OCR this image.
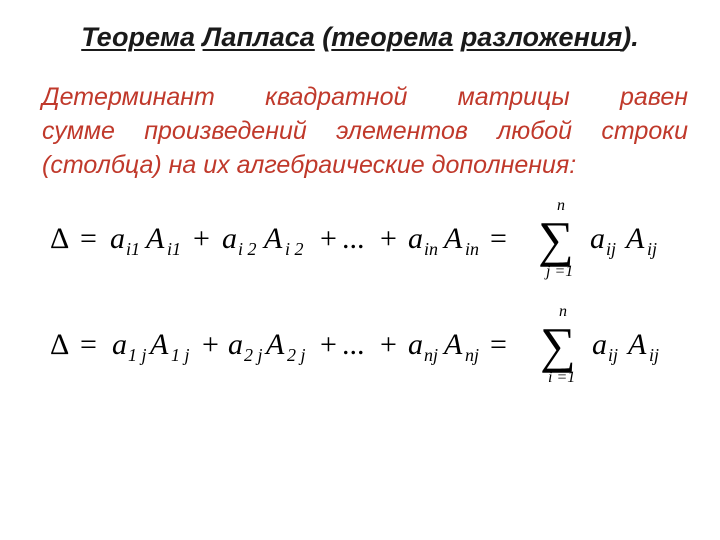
Теорема Лапласа (теорема разложения).
Детерминант квадратной матрицы равен
сумме произведений элементов любой строки
(столбца) на их алгебраические дополнения:
Δ = a i1 A i1 + a i 2 A i 2 + ... + a in A in =
n
∑
j =1
a ij A ij
Δ = a 1 j A 1 j + a 2 j A 2 j + ... + a nj A nj =
n
∑
i =1
a ij A ij
